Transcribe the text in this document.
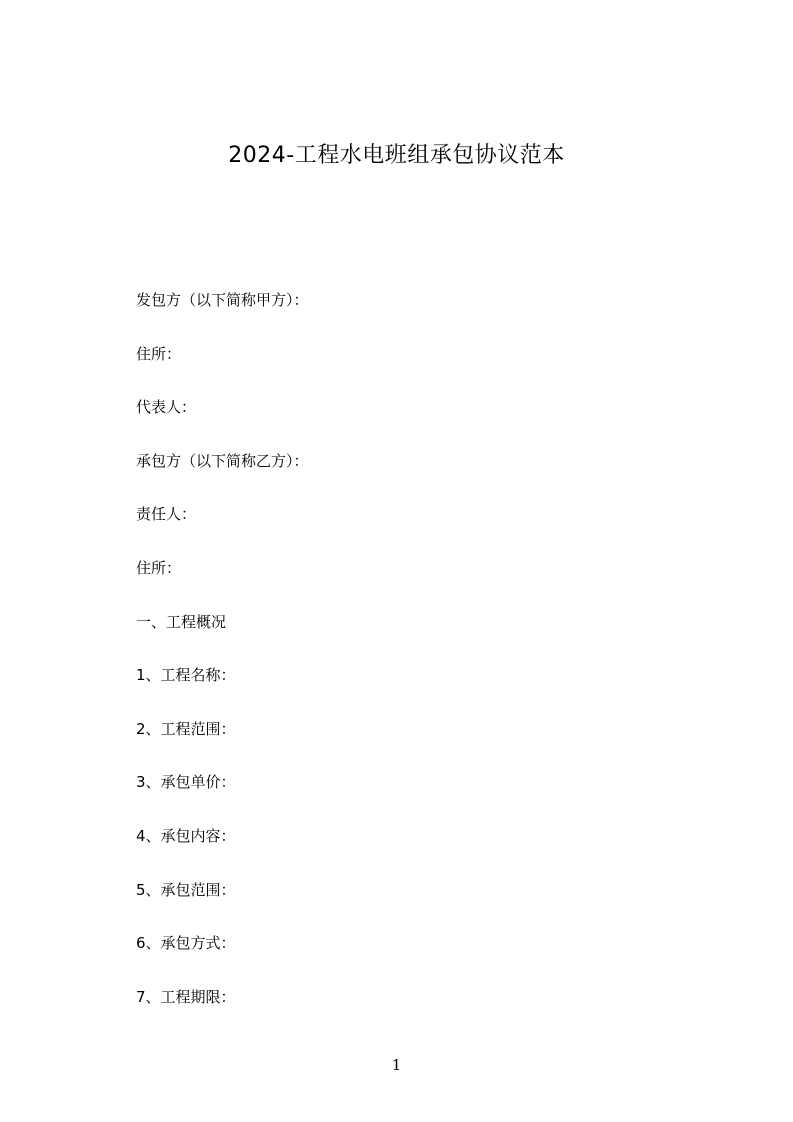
2024-工程水电班组承包协议范本
发包方（以下简称甲方）：
住所：
代表人：
承包方（以下简称乙方）：
责任人：
住所：
一、工程概况
1、工程名称：
2、工程范围：
3、承包单价：
4、承包内容：
5、承包范围：
6、承包方式：
7、工程期限：
1
